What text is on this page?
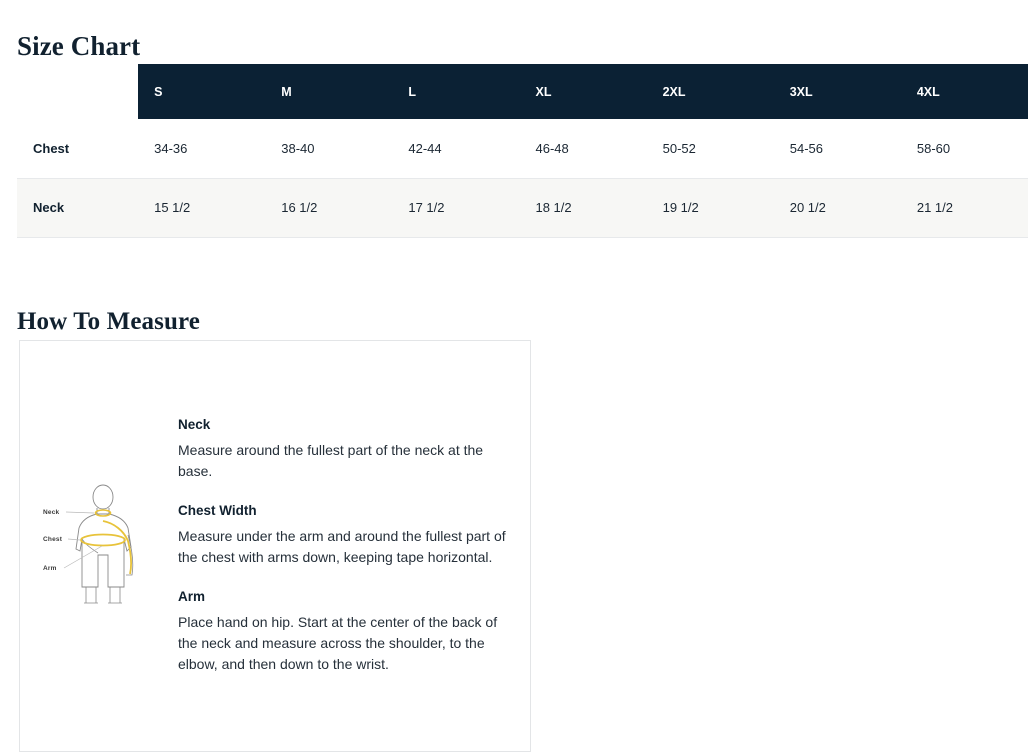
Size Chart
	S	M	L	XL	2XL	3XL	4XL
Chest	34-36	38-40	42-44	46-48	50-52	54-56	58-60
Neck	15 1/2	16 1/2	17 1/2	18 1/2	19 1/2	20 1/2	21 1/2
How To Measure
Neck
Chest
Arm
Neck
Measure around the fullest part of the neck at the base.
Chest Width
Measure under the arm and around the fullest part of the chest with arms down, keeping tape horizontal.
Arm
Place hand on hip. Start at the center of the back of the neck and measure across the shoulder, to the elbow, and then down to the wrist.
